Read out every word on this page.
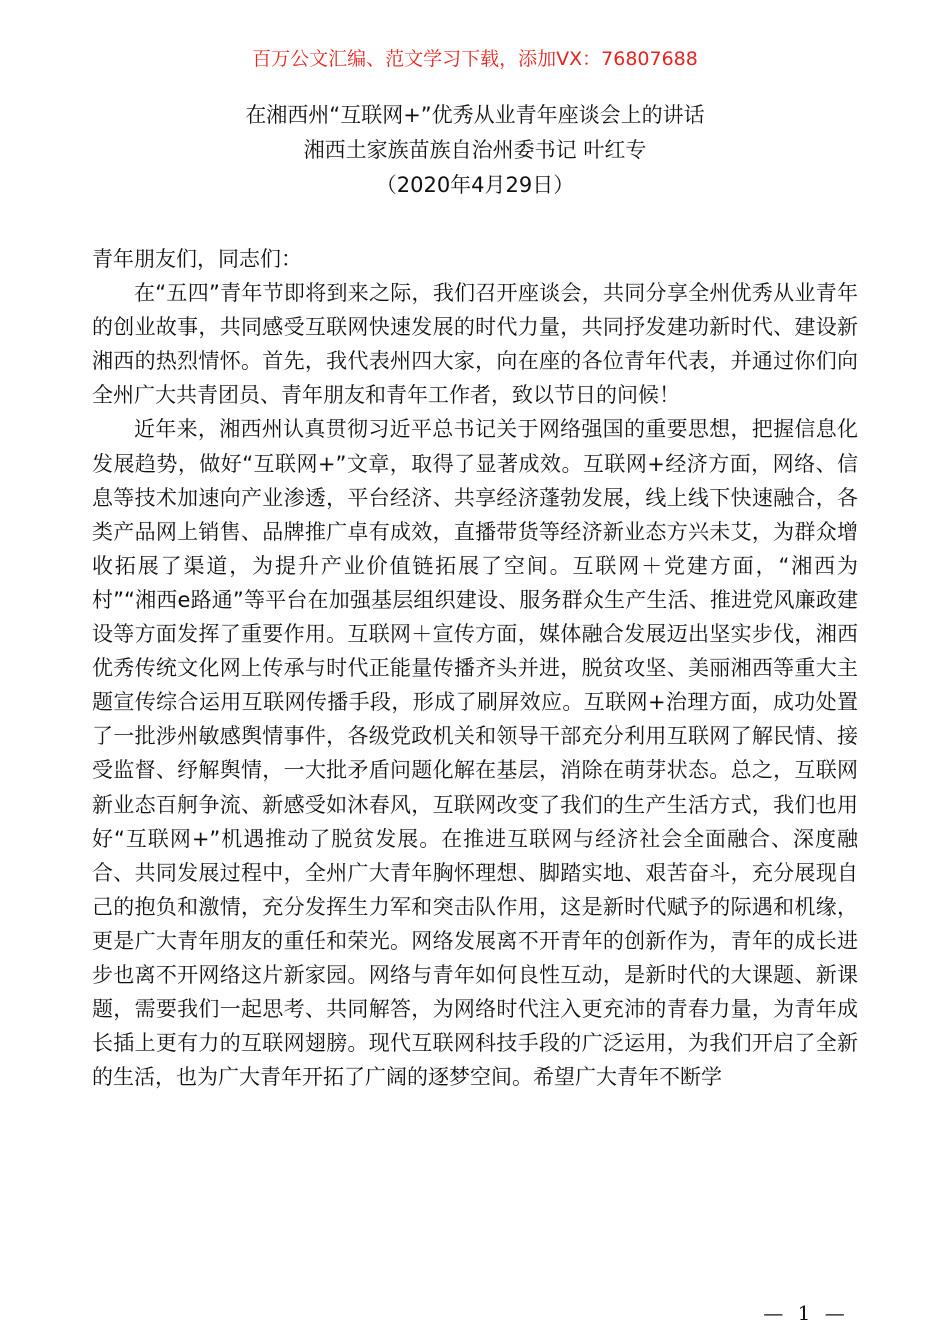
百万公文汇编、范文学习下载，添加VX：76807688
在湘西州“互联网+”优秀从业青年座谈会上的讲话
湘西土家族苗族自治州委书记 叶红专
（2020年4月29日）

青年朋友们，同志们：

在“五四”青年节即将到来之际，我们召开座谈会，共同分享全州优秀从业青年的创业故事，共同感受互联网快速发展的时代力量，共同抒发建功新时代、建设新湘西的热烈情怀。首先，我代表州四大家，向在座的各位青年代表，并通过你们向全州广大共青团员、青年朋友和青年工作者，致以节日的问候！

近年来，湘西州认真贯彻习近平总书记关于网络强国的重要思想，把握信息化发展趋势，做好“互联网+”文章，取得了显著成效。互联网+经济方面，网络、信息等技术加速向产业渗透，平台经济、共享经济蓬勃发展，线上线下快速融合，各类产品网上销售、品牌推广卓有成效，直播带货等经济新业态方兴未艾，为群众增收拓展了渠道，为提升产业价值链拓展了空间。互联网＋党建方面，“湘西为村”“湘西e路通”等平台在加强基层组织建设、服务群众生产生活、推进党风廉政建设等方面发挥了重要作用。互联网＋宣传方面，媒体融合发展迈出坚实步伐，湘西优秀传统文化网上传承与时代正能量传播齐头并进，脱贫攻坚、美丽湘西等重大主题宣传综合运用互联网传播手段，形成了刷屏效应。互联网+治理方面，成功处置了一批涉州敏感舆情事件，各级党政机关和领导干部充分利用互联网了解民情、接受监督、纾解舆情，一大批矛盾问题化解在基层，消除在萌芽状态。总之，互联网新业态百舸争流、新感受如沐春风，互联网改变了我们的生产生活方式，我们也用好“互联网+”机遇推动了脱贫发展。在推进互联网与经济社会全面融合、深度融合、共同发展过程中，全州广大青年胸怀理想、脚踏实地、艰苦奋斗，充分展现自己的抱负和激情，充分发挥生力军和突击队作用，这是新时代赋予的际遇和机缘，更是广大青年朋友的重任和荣光。网络发展离不开青年的创新作为，青年的成长进步也离不开网络这片新家园。网络与青年如何良性互动，是新时代的大课题、新课题，需要我们一起思考、共同解答，为网络时代注入更充沛的青春力量，为青年成长插上更有力的互联网翅膀。现代互联网科技手段的广泛运用，为我们开启了全新的生活，也为广大青年开拓了广阔的逐梦空间。希望广大青年不断学

— 1 —
